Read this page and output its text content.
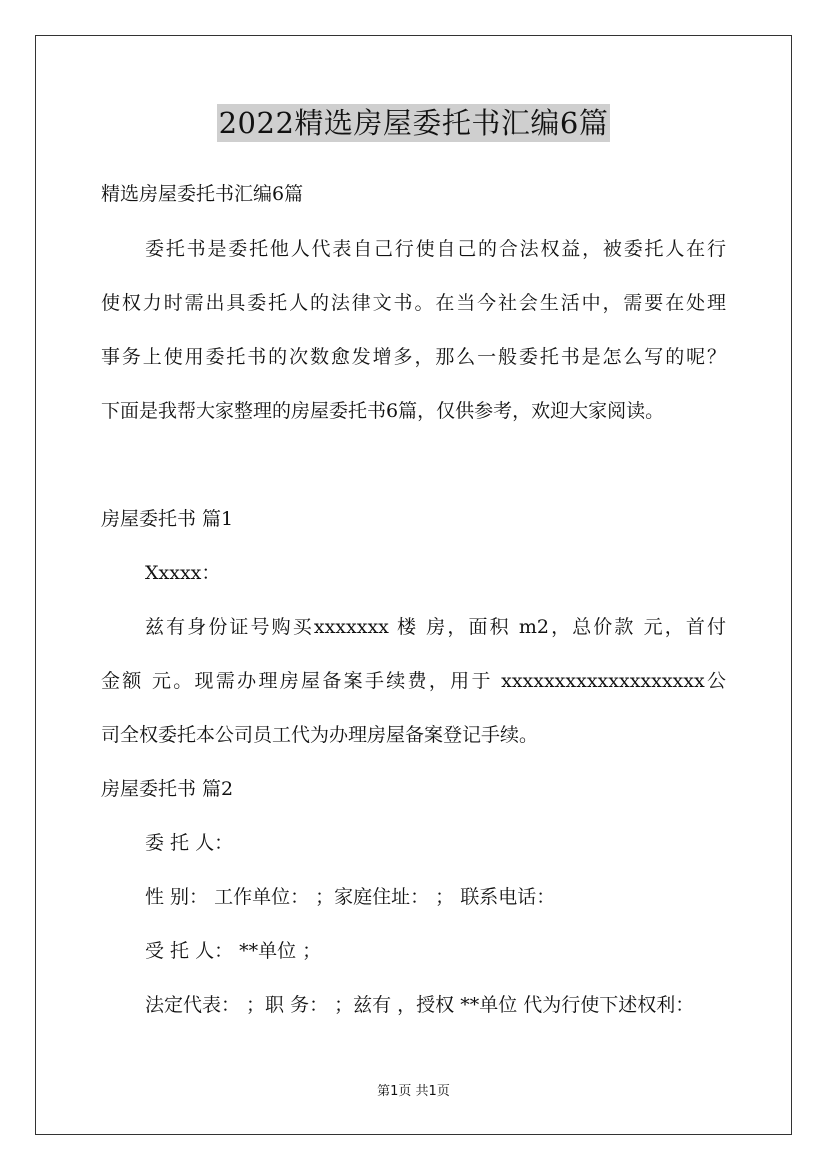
2022精选房屋委托书汇编6篇
精选房屋委托书汇编6篇
委托书是委托他人代表自己行使自己的合法权益，被委托人在行
使权力时需出具委托人的法律文书。在当今社会生活中，需要在处理
事务上使用委托书的次数愈发增多，那么一般委托书是怎么写的呢？
下面是我帮大家整理的房屋委托书6篇，仅供参考，欢迎大家阅读。
房屋委托书 篇1
Xxxxx：
兹有身份证号购买xxxxxxx 楼 房，面积 m2，总价款 元，首付
金额 元。现需办理房屋备案手续费，用于 xxxxxxxxxxxxxxxxxxx公
司全权委托本公司员工代为办理房屋备案登记手续。
房屋委托书 篇2
委 托 人：
性 别： 工作单位： ；家庭住址： ； 联系电话：
受 托 人： **单位 ；
法定代表： ；职 务： ；兹有 ，授权 **单位 代为行使下述权利：
第1页 共1页
